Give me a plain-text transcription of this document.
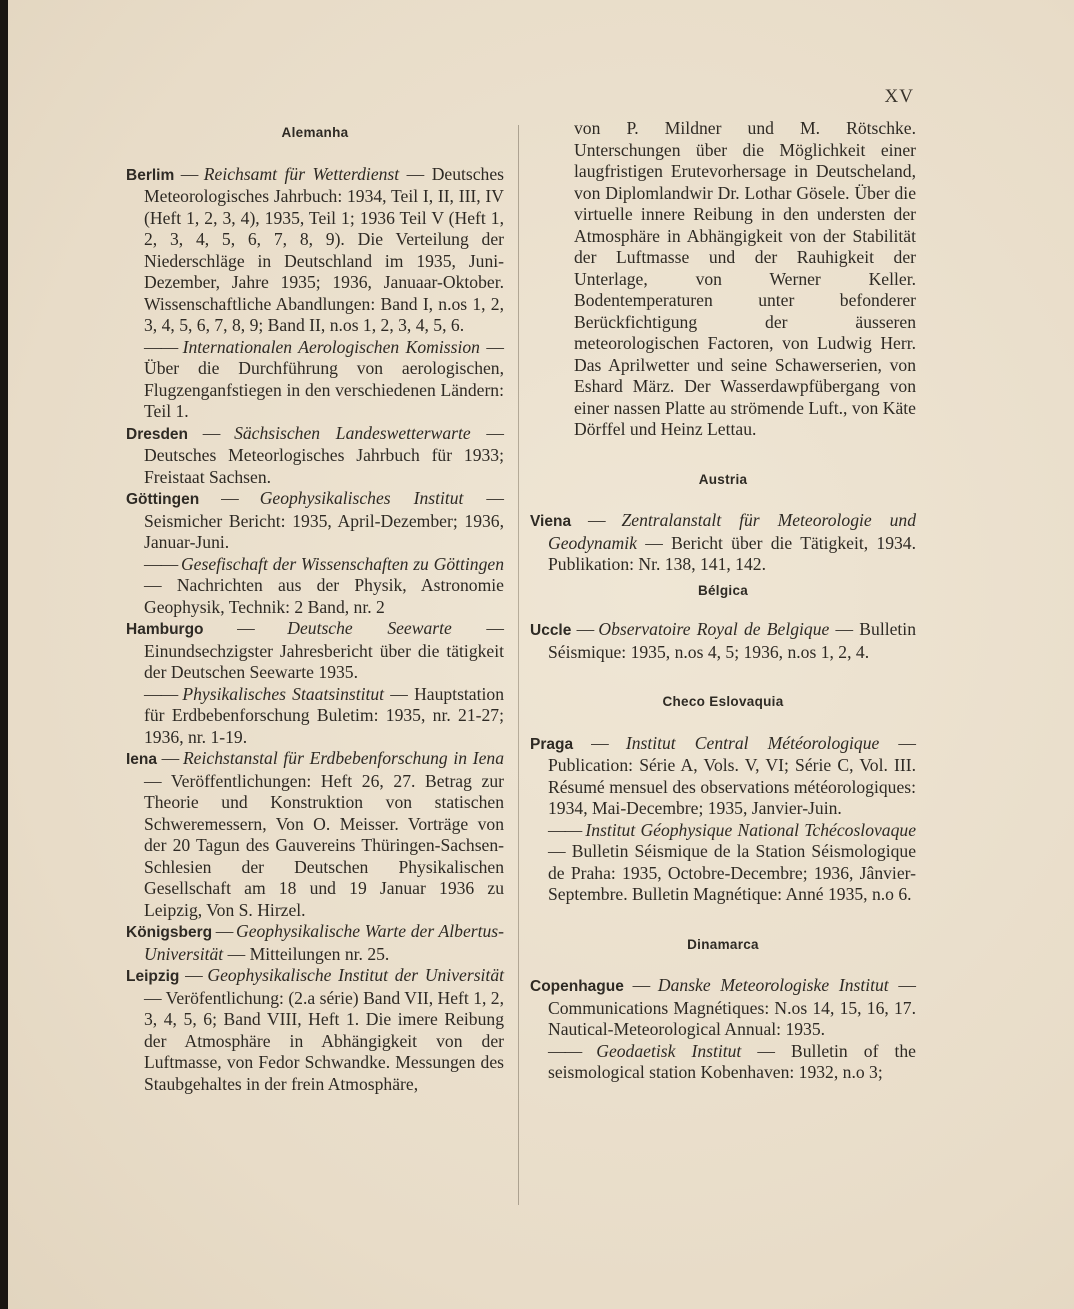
XV
Alemanha

Berlim — Reichsamt für Wetterdienst — Deutsches Meteorologisches Jahrbuch: 1934, Teil I, II, III, IV (Heft 1, 2, 3, 4), 1935, Teil 1; 1936 Teil V (Heft 1, 2, 3, 4, 5, 6, 7, 8, 9). Die Verteilung der Niederschläge in Deutschland im 1935, Juni-Dezember, Jahre 1935; 1936, Januaar-Oktober. Wissenschaftliche Abandlungen: Band I, n.os 1, 2, 3, 4, 5, 6, 7, 8, 9; Band II, n.os 1, 2, 3, 4, 5, 6.

—— Internationalen Aerologischen Komission — Über die Durchführung von aerologischen, Flugzenganfstiegen in den verschiedenen Ländern: Teil 1.

Dresden — Sächsischen Landeswetterwarte — Deutsches Meteorlogisches Jahrbuch für 1933; Freistaat Sachsen.

Göttingen — Geophysikalisches Institut — Seismicher Bericht: 1935, April-Dezember; 1936, Januar-Juni.

—— Gesefischaft der Wissenschaften zu Göttingen — Nachrichten aus der Physik, Astronomie Geophysik, Technik: 2 Band, nr. 2

Hamburgo — Deutsche Seewarte — Einundsechzigster Jahresbericht über die tätigkeit der Deutschen Seewarte 1935.

—— Physikalisches Staatsinstitut — Hauptstation für Erdbebenforschung Buletim: 1935, nr. 21-27; 1936, nr. 1-19.

Iena — Reichstanstal für Erdbebenforschung in Iena — Veröffentlichungen: Heft 26, 27. Betrag zur Theorie und Konstruktion von statischen Schweremessern, Von O. Meisser. Vorträge von der 20 Tagun des Gauvereins Thüringen-Sachsen-Schlesien der Deutschen Physikalischen Gesellschaft am 18 und 19 Januar 1936 zu Leipzig, Von S. Hirzel.

Königsberg — Geophysikalische Warte der Albertus-Universität — Mitteilungen nr. 25.

Leipzig — Geophysikalische Institut der Universität — Veröfentlichung: (2.a série) Band VII, Heft 1, 2, 3, 4, 5, 6; Band VIII, Heft 1. Die imere Reibung der Atmosphäre in Abhängigkeit von der Luftmasse, von Fedor Schwandke. Messungen des Staubgehaltes in der frein Atmosphäre,

von P. Mildner und M. Rötschke. Unterschungen über die Möglichkeit einer laugfristigen Erutevorhersage in Deutscheland, von Diplomlandwir Dr. Lothar Gösele. Über die virtuelle innere Reibung in den understen der Atmosphäre in Abhängigkeit von der Stabilität der Luftmasse und der Rauhigkeit der Unterlage, von Werner Keller. Bodentemperaturen unter befonderer Berückfichtigung der äusseren meteorologischen Factoren, von Ludwig Herr. Das Aprilwetter und seine Schawerserien, von Eshard März. Der Wasserdawpfübergang von einer nassen Platte au strömende Luft., von Käte Dörffel und Heinz Lettau.

Austria

Viena — Zentralanstalt für Meteorologie und Geodynamik — Bericht über die Tätigkeit, 1934. Publikation: Nr. 138, 141, 142.

Bélgica

Uccle — Observatoire Royal de Belgique — Bulletin Séismique: 1935, n.os 4, 5; 1936, n.os 1, 2, 4.

Checo Eslovaquia

Praga — Institut Central Météorologique — Publication: Série A, Vols. V, VI; Série C, Vol. III. Résumé mensuel des observations météorologiques: 1934, Mai-Decembre; 1935, Janvier-Juin.

—— Institut Géophysique National Tchécoslovaque — Bulletin Séismique de la Station Séismologique de Praha: 1935, Octobre-Decembre; 1936, Jânvier-Septembre. Bulletin Magnétique: Anné 1935, n.o 6.

Dinamarca

Copenhague — Danske Meteorologiske Institut — Communications Magnétiques: N.os 14, 15, 16, 17. Nautical-Meteorological Annual: 1935.

—— Geodaetisk Institut — Bulletin of the seismological station Kobenhaven: 1932, n.o 3;
